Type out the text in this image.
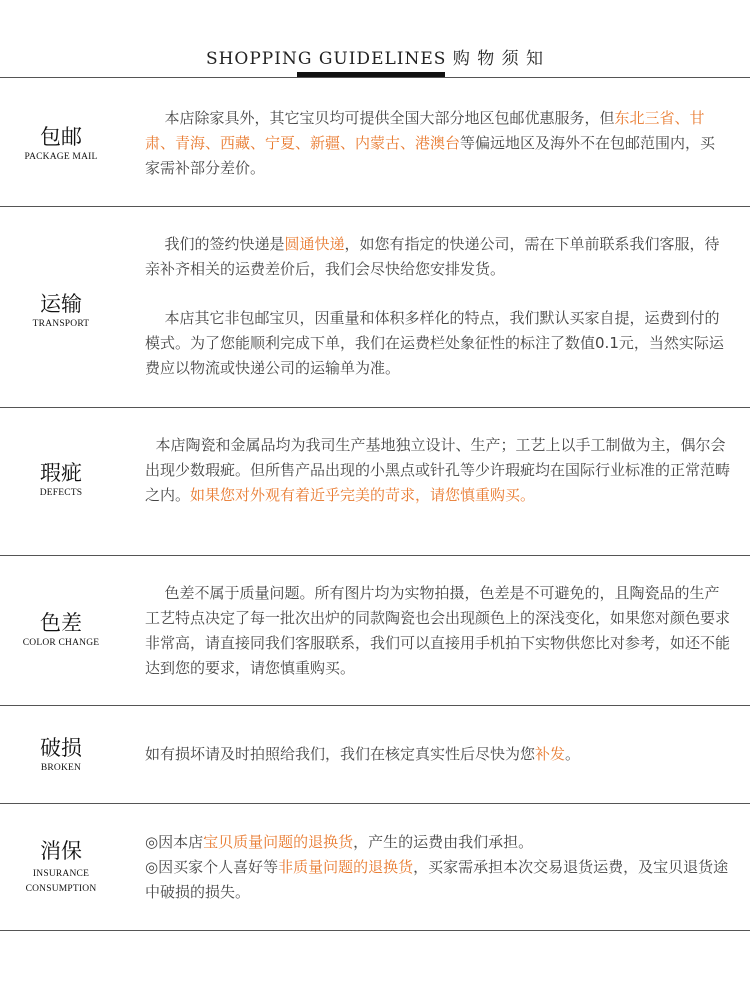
SHOPPING GUIDELINES 购 物 须 知
包邮
PACKAGE MAIL

本店除家具外，其它宝贝均可提供全国大部分地区包邮优惠服务，但东北三省、甘肃、青海、西藏、宁夏、新疆、内蒙古、港澳台等偏远地区及海外不在包邮范围内，买家需补部分差价。

运输
TRANSPORT

我们的签约快递是圆通快递，如您有指定的快递公司，需在下单前联系我们客服，待亲补齐相关的运费差价后，我们会尽快给您安排发货。

本店其它非包邮宝贝，因重量和体积多样化的特点，我们默认买家自提，运费到付的模式。为了您能顺利完成下单，我们在运费栏处象征性的标注了数值0.1元，当然实际运费应以物流或快递公司的运输单为准。

瑕疵
DEFECTS

本店陶瓷和金属品均为我司生产基地独立设计、生产；工艺上以手工制做为主，偶尔会出现少数瑕疵。但所售产品出现的小黑点或针孔等少许瑕疵均在国际行业标准的正常范畴之内。如果您对外观有着近乎完美的苛求，请您慎重购买。

色差
COLOR CHANGE

色差不属于质量问题。所有图片均为实物拍摄，色差是不可避免的，且陶瓷品的生产工艺特点决定了每一批次出炉的同款陶瓷也会出现颜色上的深浅变化，如果您对颜色要求非常高，请直接同我们客服联系，我们可以直接用手机拍下实物供您比对参考，如还不能达到您的要求，请您慎重购买。

破损
BROKEN

如有损坏请及时拍照给我们，我们在核定真实性后尽快为您补发。

消保
INSURANCE
CONSUMPTION

◎因本店宝贝质量问题的退换货，产生的运费由我们承担。

◎因买家个人喜好等非质量问题的退换货，买家需承担本次交易退货运费，及宝贝退货途中破损的损失。
